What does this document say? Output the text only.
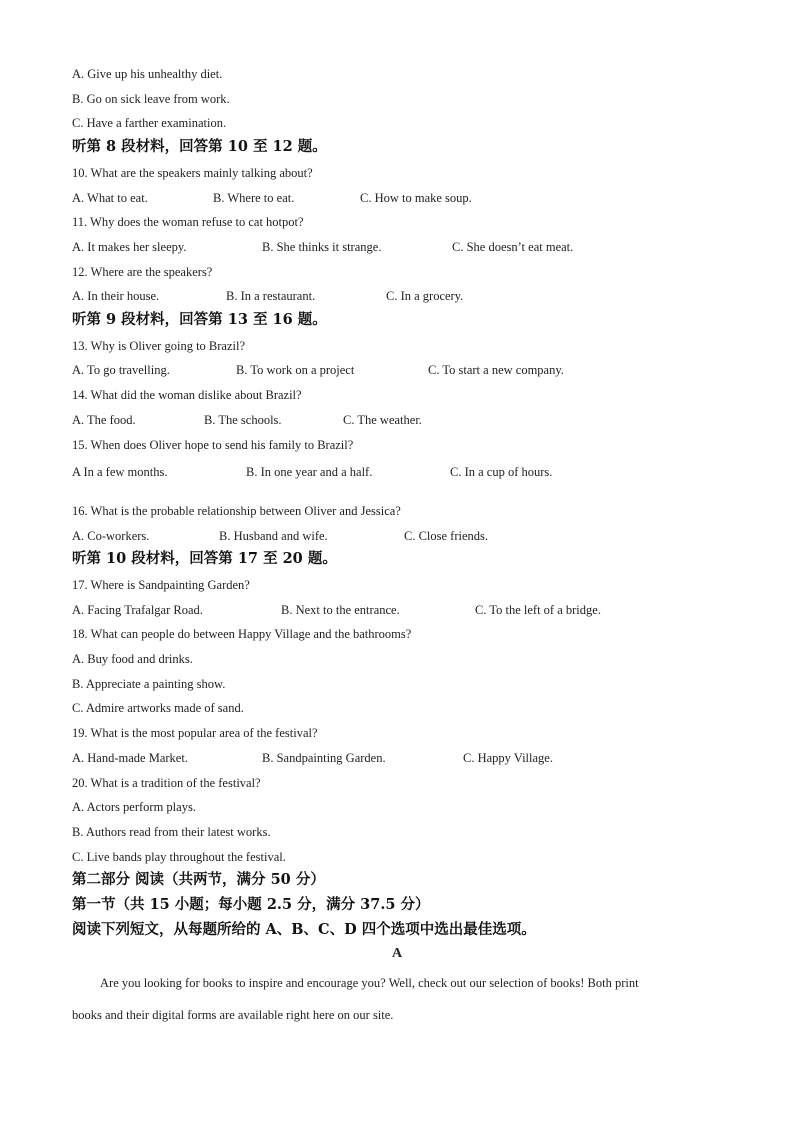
A. Give up his unhealthy diet.
B. Go on sick leave from work.
C. Have a farther examination.
听第 8 段材料，回答第 10 至 12 题。
10. What are the speakers mainly talking about?
A. What to eat.	B. Where to eat.	C. How to make soup.
11. Why does the woman refuse to cat hotpot?
A. It makes her sleepy.	B. She thinks it strange.	C. She doesn’t eat meat.
12. Where are the speakers?
A. In their house.	B. In a restaurant.	C. In a grocery.
听第 9 段材料，回答第 13 至 16 题。
13. Why is Oliver going to Brazil?
A. To go travelling.	B. To work on a project	C. To start a new company.
14. What did the woman dislike about Brazil?
A. The food.	B. The schools.	C. The weather.
15. When does Oliver hope to send his family to Brazil?
A In a few months.	B. In one year and a half.	C. In a cup of hours.
16. What is the probable relationship between Oliver and Jessica?
A. Co-workers.	B. Husband and wife.	C. Close friends.
听第 10 段材料，回答第 17 至 20 题。
17. Where is Sandpainting Garden?
A. Facing Trafalgar Road.	B. Next to the entrance.	C. To the left of a bridge.
18. What can people do between Happy Village and the bathrooms?
A. Buy food and drinks.
B. Appreciate a painting show.
C. Admire artworks made of sand.
19. What is the most popular area of the festival?
A. Hand-made Market.	B. Sandpainting Garden.	C. Happy Village.
20. What is a tradition of the festival?
A. Actors perform plays.
B. Authors read from their latest works.
C. Live bands play throughout the festival.
第二部分 阅读（共两节，满分 50 分）
第一节（共 15 小题；每小题 2.5 分，满分 37.5 分）
阅读下列短文，从每题所给的 A、B、C、D 四个选项中选出最佳选项。
A
Are you looking for books to inspire and encourage you? Well, check out our selection of books! Both print
books and their digital forms are available right here on our site.
